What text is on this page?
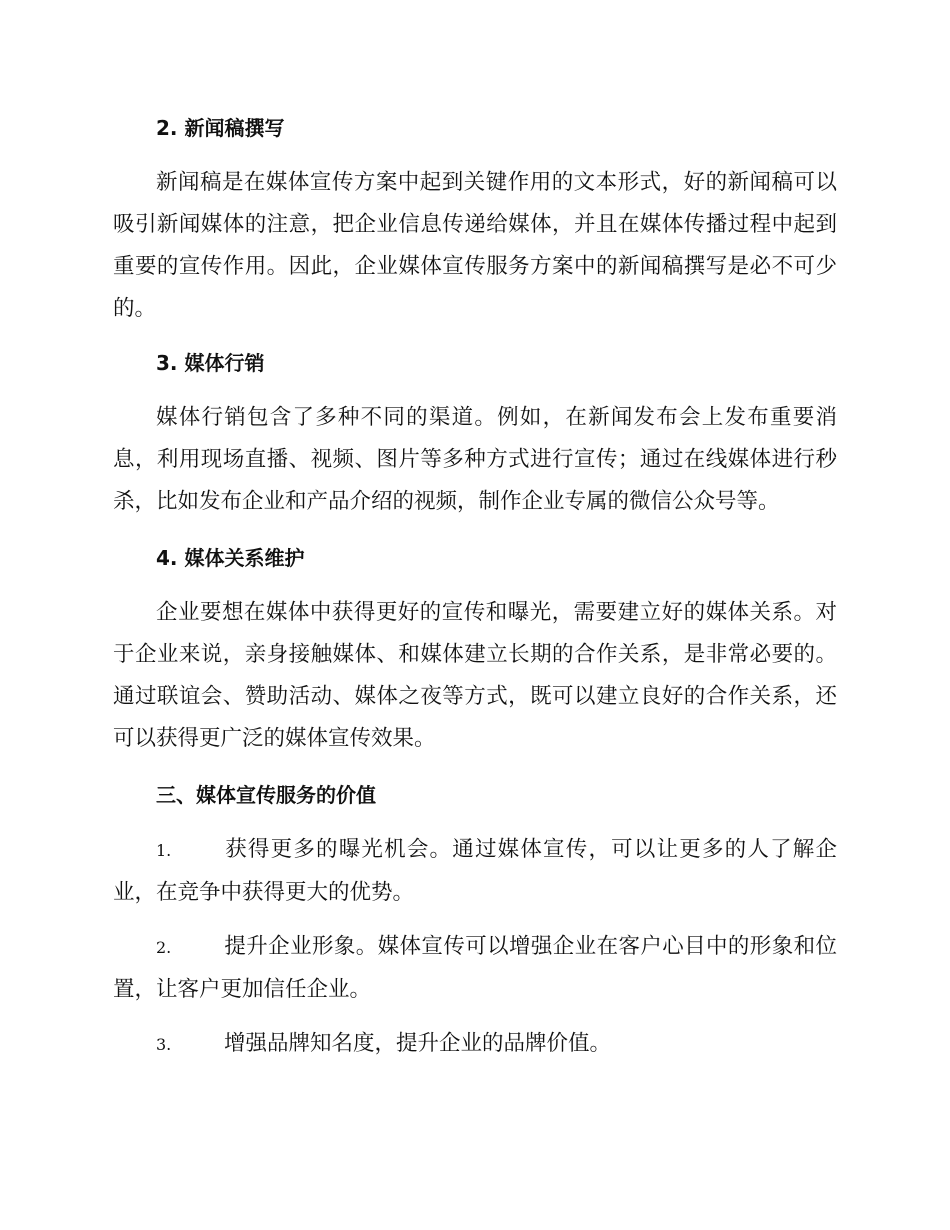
2. 新闻稿撰写

新闻稿是在媒体宣传方案中起到关键作用的文本形式，好的新闻稿可以吸引新闻媒体的注意，把企业信息传递给媒体，并且在媒体传播过程中起到重要的宣传作用。因此，企业媒体宣传服务方案中的新闻稿撰写是必不可少的。

3. 媒体行销

媒体行销包含了多种不同的渠道。例如，在新闻发布会上发布重要消息，利用现场直播、视频、图片等多种方式进行宣传；通过在线媒体进行秒杀，比如发布企业和产品介绍的视频，制作企业专属的微信公众号等。

4. 媒体关系维护

企业要想在媒体中获得更好的宣传和曝光，需要建立好的媒体关系。对于企业来说，亲身接触媒体、和媒体建立长期的合作关系，是非常必要的。通过联谊会、赞助活动、媒体之夜等方式，既可以建立良好的合作关系，还可以获得更广泛的媒体宣传效果。

三、媒体宣传服务的价值

1. 获得更多的曝光机会。通过媒体宣传，可以让更多的人了解企业，在竞争中获得更大的优势。

2. 提升企业形象。媒体宣传可以增强企业在客户心目中的形象和位置，让客户更加信任企业。

3. 增强品牌知名度，提升企业的品牌价值。
